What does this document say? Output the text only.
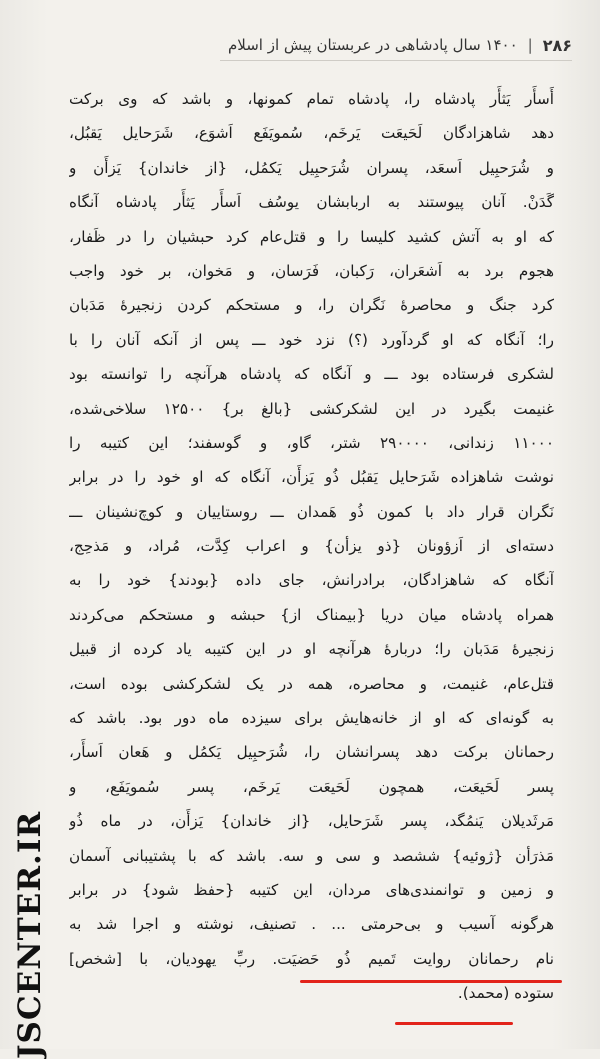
۲۸۶
|
۱۴۰۰ سال پادشاهی در عربستان پیش از اسلام
أَسأَر یَثأَر پادشاه را، پادشاه تمام کمونها، و باشد که وی برکت
دهد شاهزادگان لَحَیعَت یَرخَم، سُمویَفَع اَشوَع، شَرَحایل یَقبُل،
و شُرَحبِیل اَسعَد، پسران شُرَحبِیل یَکمُل، {از خاندان} یَزأَن و
گَدَنْ. آنان پیوستند به اربابشان یوسُف اَسأَر یَثأَر پادشاه آنگاه
که او به آتش کشید کلیسا را و قتل‌عام کرد حبشیان را در ظَفار،
هجوم برد به اَشعَران، رَکبان، فَرَسان، و مَخوان، بر خود واجب
کرد جنگ و محاصرهٔ نَگران را، و مستحکم کردن زنجیرهٔ مَدَبان
را؛ آنگاه که او گردآورد (؟) نزد خود ـــ پس از آنکه آنان را با
لشکری فرستاده بود ـــ و آنگاه که پادشاه هرآنچه را توانسته بود
غنیمت بگیرد در این لشکرکشی {بالغ بر} ۱۲۵۰۰ سلاخی‌شده،
۱۱۰۰۰ زندانی، ۲۹۰۰۰۰ شتر، گاو، و گوسفند؛ این کتیبه را
نوشت شاهزاده شَرَحایل یَقبُل ذُو یَزأَن، آنگاه که او خود را در برابر
نَگران قرار داد با کمون ذُو هَمدان ـــ روستاییان و کوچ‌نشینان ـــ
دسته‌ای از اَزؤونان {ذو یزأن} و اعراب کِدَّت، مُراد، و مَذحِج،
آنگاه که شاهزادگان، برادرانش، جای داده {بودند} خود را به
همراه پادشاه میان دریا {بیمناک از} حبشه و مستحکم می‌کردند
زنجیرهٔ مَدَبان را؛ دربارهٔ هرآنچه او در این کتیبه یاد کرده از قبیل
قتل‌عام، غنیمت، و محاصره، همه در یک لشکرکشی بوده است،
به گونه‌ای که او از خانه‌هایش برای سیزده ماه دور بود. باشد که
رحمانان برکت دهد پسرانشان را، شُرَحبِیل یَکمُل و هَعان اَسأَر،
پسر لَحَیعَت، همچون لَحَیعَت یَرخَم، پسر سُمویَفَع، و
مَرثَدیلان یَنمُگد، پسر شَرَحایل، {از خاندان} یَزأَن، در ماه ذُو
مَذرَأن {ژوئیه} ششصد و سی و سه. باشد که با پشتیبانی آسمان
و زمین و توانمندی‌های مردان، این کتیبه {حفظ شود} در برابر
هرگونه آسیب و بی‌حرمتی ... . تصنیف، نوشته و اجرا شد به
نام رحمانان روایت تَمیم ذُو حَضیَت. ربِّ یهودیان، با [شخص]
ستوده (محمد).
JSCENTER.IR
